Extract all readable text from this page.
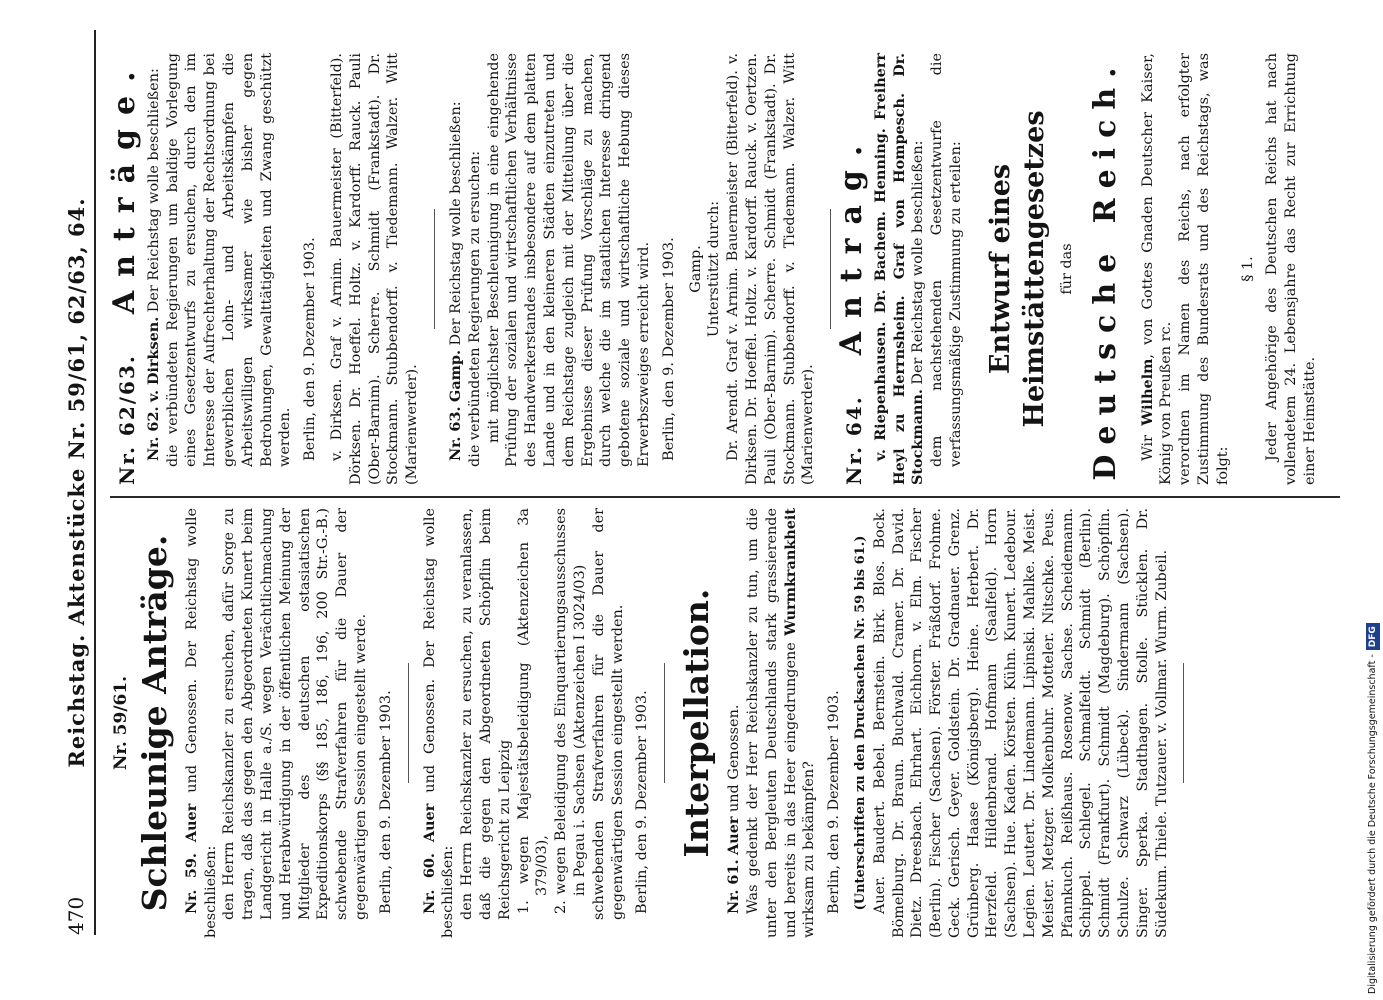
470
Reichstag. Aktenstücke Nr. 59/61, 62/63, 64. Nr. 59/61. Schleunige Anträge. Nr. 59. Auer und Genossen. Der Reichstag wolle beschließen: den Herrn Reichskanzler zu ersuchen, dafür Sorge zu tragen, daß das gegen den Abgeordneten Kunert beim Landgericht in Halle a./S. wegen Verächtlichmachung und Herabwürdigung in der öffentlichen Meinung der Mitglieder des deutschen ostasiatischen Expeditionskorps (§§ 185, 186, 196, 200 Str.-G.-B.) schwebende Strafverfahren für die Dauer der gegenwärtigen Session eingestellt werde. Berlin, den 9. Dezember 1903. Nr. 60. Auer und Genossen. Der Reichstag wolle beschließen: den Herrn Reichskanzler zu ersuchen, zu veranlassen, daß die gegen den Abgeordneten Schöpflin beim Reichsgericht zu Leipzig 1. wegen Majestätsbeleidigung (Aktenzeichen 3a 379/03), 2. wegen Beleidigung des Einquartierungsausschusses in Pegau i. Sachsen (Aktenzeichen I 3024/03) schwebenden Strafverfahren für die Dauer der gegenwärtigen Session eingestellt werden. Berlin, den 9. Dezember 1903. Interpellation.

Nr. 61. Auer und Genossen. Was gedenkt der Herr Reichskanzler zu tun, um die unter den Bergleuten Deutschlands stark grassierende und bereits in das Heer eingedrungene Wurmkrankheit wirksam zu bekämpfen? Berlin, den 9. Dezember 1903. (Unterschriften zu den Drucksachen Nr. 59 bis 61.) Auer. Baudert. Bebel. Bernstein. Birk. Blos. Bock. Bömelburg. Dr. Braun. Buchwald. Cramer. Dr. David. Dietz. Dreesbach. Ehrhart. Eichhorn. v. Elm. Fischer (Berlin). Fischer (Sachsen). Förster. Fräßdorf. Frohme. Geck. Gerisch. Geyer. Goldstein. Dr. Gradnauer. Grenz. Grünberg. Haase (Königsberg). Heine. Herbert. Dr. Herzfeld. Hildenbrand. Hofmann (Saalfeld). Horn (Sachsen). Hue. Kaden. Körsten. Kühn. Kunert. Ledebour. Legien. Leutert. Dr. Lindemann. Lipinski. Mahlke. Meist. Meister. Metzger. Molkenbuhr. Motteler. Nitschke. Peus. Pfannkuch. Reißhaus. Rosenow. Sachse. Scheidemann. Schippel. Schlegel. Schmalfeldt. Schmidt (Berlin). Schmidt (Frankfurt). Schmidt (Magdeburg). Schöpflin. Schulze. Schwarz (Lübeck). Sindermann (Sachsen). Singer. Sperka. Stadthagen. Stolle. Stücklen. Dr. Südekum. Thiele. Tutzauer. v. Vollmar. Wurm. Zubeil.

Nr. 62/63.Anträge.

Nr. 62. v. Dirksen. Der Reichstag wolle beschließen: die verbündeten Regierungen um baldige Vorlegung eines Gesetzentwurfs zu ersuchen, durch den im Interesse der Aufrechterhaltung der Rechtsordnung bei gewerblichen Lohn- und Arbeitskämpfen die Arbeitswilligen wirksamer wie bisher gegen Bedrohungen, Gewalttätigkeiten und Zwang geschützt werden. Berlin, den 9. Dezember 1903. v. Dirksen. Graf v. Arnim. Bauermeister (Bitterfeld). Dörksen. Dr. Hoeffel. Holtz. v. Kardorff. Rauck. Pauli (Ober-Barnim). Scherre. Schmidt (Frankstadt). Dr. Stockmann. Stubbendorff. v. Tiedemann. Walzer. Witt (Marienwerder). Nr. 63. Gamp. Der Reichstag wolle beschließen: die verbündeten Regierungen zu ersuchen: mit möglichster Beschleunigung in eine eingehende Prüfung der sozialen und wirtschaftlichen Verhältnisse des Handwerkerstandes insbesondere auf dem platten Lande und in den kleineren Städten einzutreten und dem Reichstage zugleich mit der Mitteilung über die Ergebnisse dieser Prüfung Vorschläge zu machen, durch welche die im staatlichen Interesse dringend gebotene soziale und wirtschaftliche Hebung dieses Erwerbszweiges erreicht wird. Berlin, den 9. Dezember 1903. Gamp. Unterstützt durch: Dr. Arendt. Graf v. Arnim. Bauermeister (Bitterfeld). v. Dirksen. Dr. Hoeffel. Holtz. v. Kardorff. Rauck. v. Oertzen. Pauli (Ober-Barnim). Scherre. Schmidt (Frankstadt). Dr. Stockmann. Stubbendorff. v. Tiedemann. Walzer. Witt (Marienwerder). Nr. 64.Antrag. v. Riepenhausen. Dr. Bachem. Henning. Freiherr Heyl zu Herrnsheim. Graf von Hompesch. Dr. Stockmann. Der Reichstag wolle beschließen: dem nachstehenden Gesetzentwurfe die verfassungsmäßige Zustimmung zu erteilen: Entwurf eines Heimstättengesetzes für das Deutsche Reich. Wir Wilhelm, von Gottes Gnaden Deutscher Kaiser, König von Preußen rc. verordnen im Namen des Reichs, nach erfolgter Zustimmung des Bundesrats und des Reichstags, was folgt:

§ 1. Jeder Angehörige des Deutschen Reichs hat nach vollendetem 24. Lebensjahre das Recht zur Errichtung einer Heimstätte.

Digitalisierung gefördert durch die Deutsche Forschungsgemeinschaft -DFG
